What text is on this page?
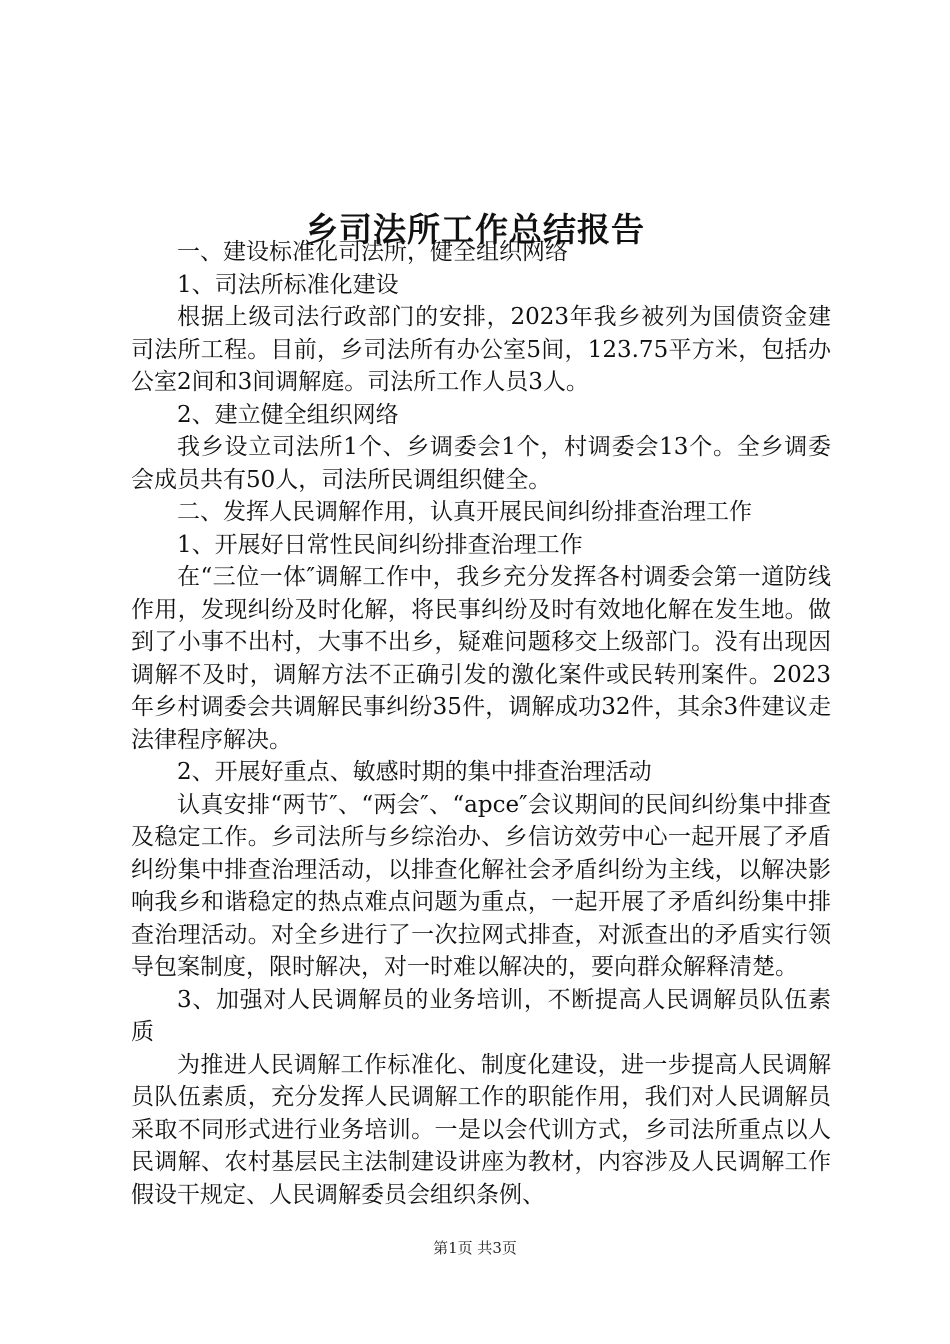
乡司法所工作总结报告

一、建设标准化司法所，健全组织网络

1、司法所标准化建设

根据上级司法行政部门的安排，2023年我乡被列为国债资金建司法所工程。目前，乡司法所有办公室5间，123.75平方米，包括办公室2间和3间调解庭。司法所工作人员3人。

2、建立健全组织网络

我乡设立司法所1个、乡调委会1个，村调委会13个。全乡调委会成员共有50人，司法所民调组织健全。

二、发挥人民调解作用，认真开展民间纠纷排查治理工作

1、开展好日常性民间纠纷排查治理工作

在“三位一体″调解工作中，我乡充分发挥各村调委会第一道防线作用，发现纠纷及时化解，将民事纠纷及时有效地化解在发生地。做到了小事不出村，大事不出乡，疑难问题移交上级部门。没有出现因调解不及时，调解方法不正确引发的激化案件或民转刑案件。2023年乡村调委会共调解民事纠纷35件，调解成功32件，其余3件建议走法律程序解决。

2、开展好重点、敏感时期的集中排查治理活动

认真安排“两节″、“两会″、“apce″会议期间的民间纠纷集中排查及稳定工作。乡司法所与乡综治办、乡信访效劳中心一起开展了矛盾纠纷集中排查治理活动，以排查化解社会矛盾纠纷为主线，以解决影响我乡和谐稳定的热点难点问题为重点，一起开展了矛盾纠纷集中排查治理活动。对全乡进行了一次拉网式排查，对派查出的矛盾实行领导包案制度，限时解决，对一时难以解决的，要向群众解释清楚。

3、加强对人民调解员的业务培训，不断提高人民调解员队伍素质

为推进人民调解工作标准化、制度化建设，进一步提高人民调解员队伍素质，充分发挥人民调解工作的职能作用，我们对人民调解员采取不同形式进行业务培训。一是以会代训方式，乡司法所重点以人民调解、农村基层民主法制建设讲座为教材，内容涉及人民调解工作假设干规定、人民调解委员会组织条例、

第1页 共3页
